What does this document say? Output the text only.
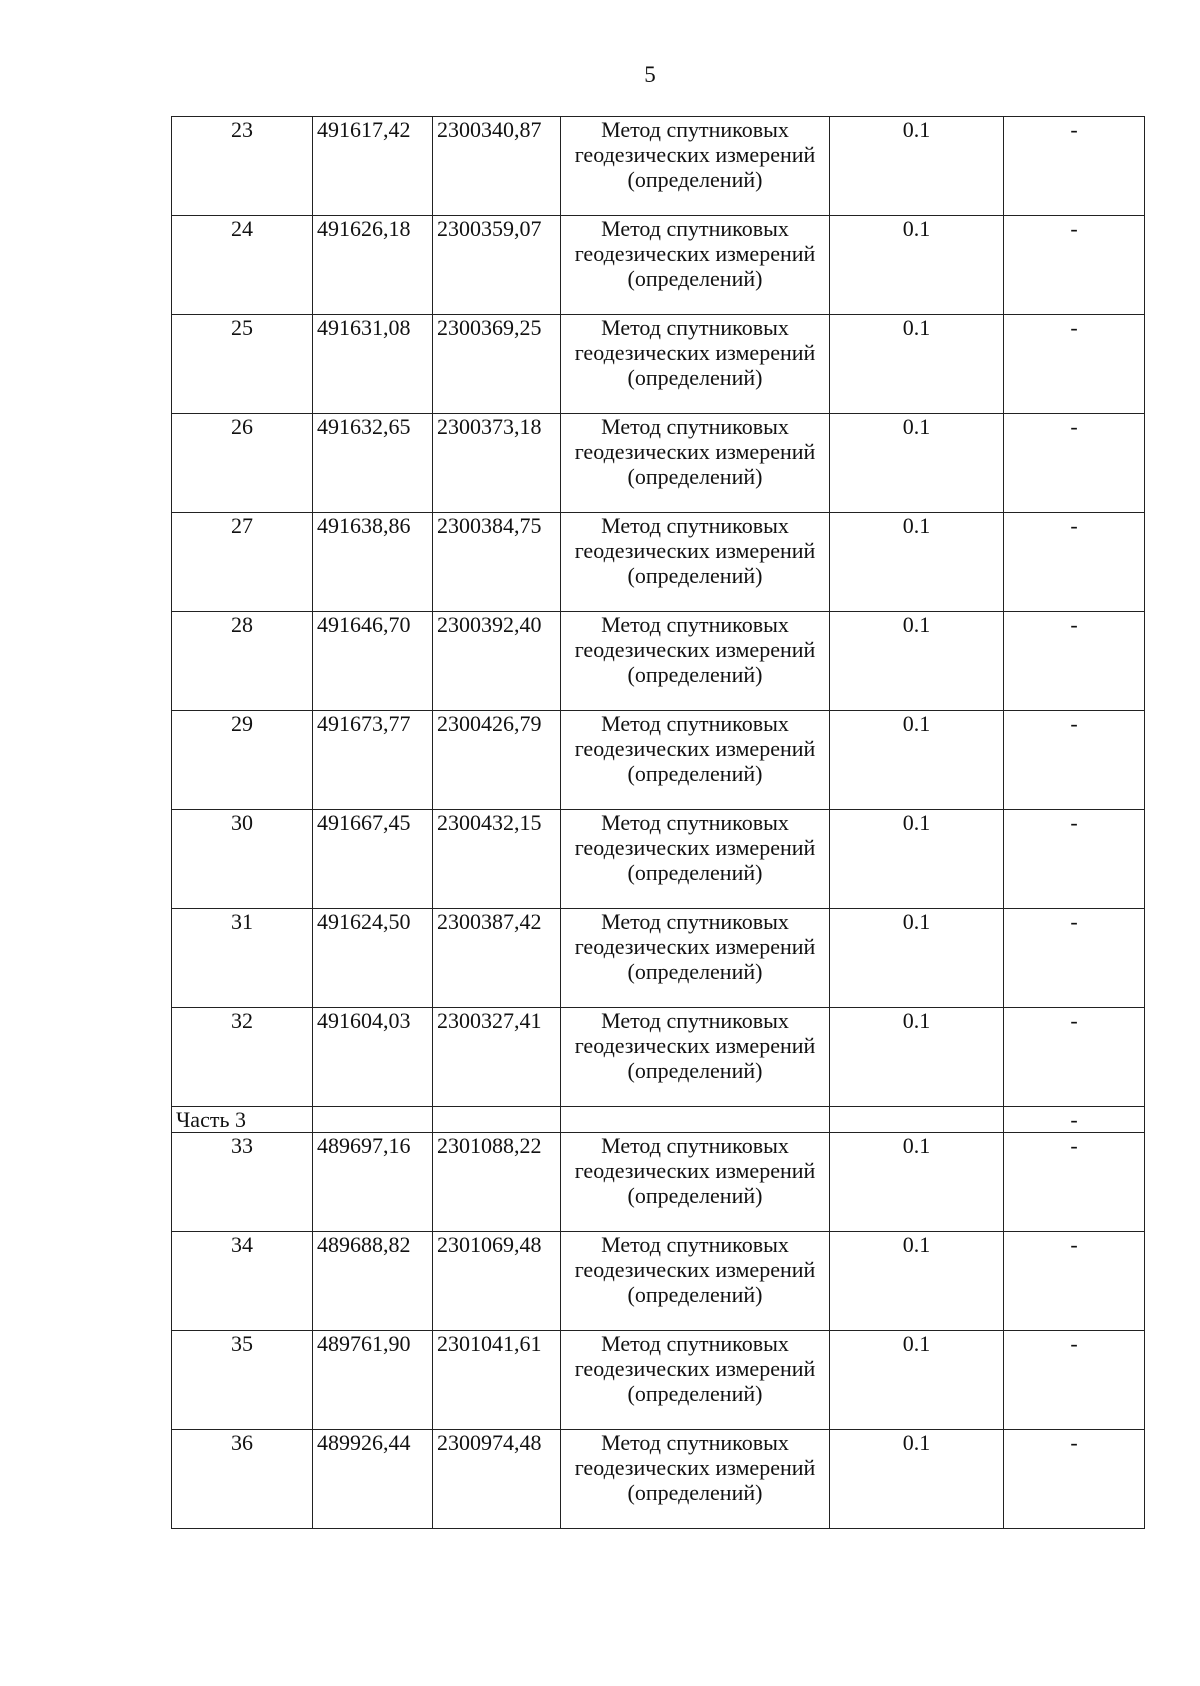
5
23	491617,42	2300340,87	Метод спутниковых геодезических измерений (определений)	0.1	-
24	491626,18	2300359,07	Метод спутниковых геодезических измерений (определений)	0.1	-
25	491631,08	2300369,25	Метод спутниковых геодезических измерений (определений)	0.1	-
26	491632,65	2300373,18	Метод спутниковых геодезических измерений (определений)	0.1	-
27	491638,86	2300384,75	Метод спутниковых геодезических измерений (определений)	0.1	-
28	491646,70	2300392,40	Метод спутниковых геодезических измерений (определений)	0.1	-
29	491673,77	2300426,79	Метод спутниковых геодезических измерений (определений)	0.1	-
30	491667,45	2300432,15	Метод спутниковых геодезических измерений (определений)	0.1	-
31	491624,50	2300387,42	Метод спутниковых геодезических измерений (определений)	0.1	-
32	491604,03	2300327,41	Метод спутниковых геодезических измерений (определений)	0.1	-
Часть 3					-
33	489697,16	2301088,22	Метод спутниковых геодезических измерений (определений)	0.1	-
34	489688,82	2301069,48	Метод спутниковых геодезических измерений (определений)	0.1	-
35	489761,90	2301041,61	Метод спутниковых геодезических измерений (определений)	0.1	-
36	489926,44	2300974,48	Метод спутниковых геодезических измерений (определений)	0.1	-
